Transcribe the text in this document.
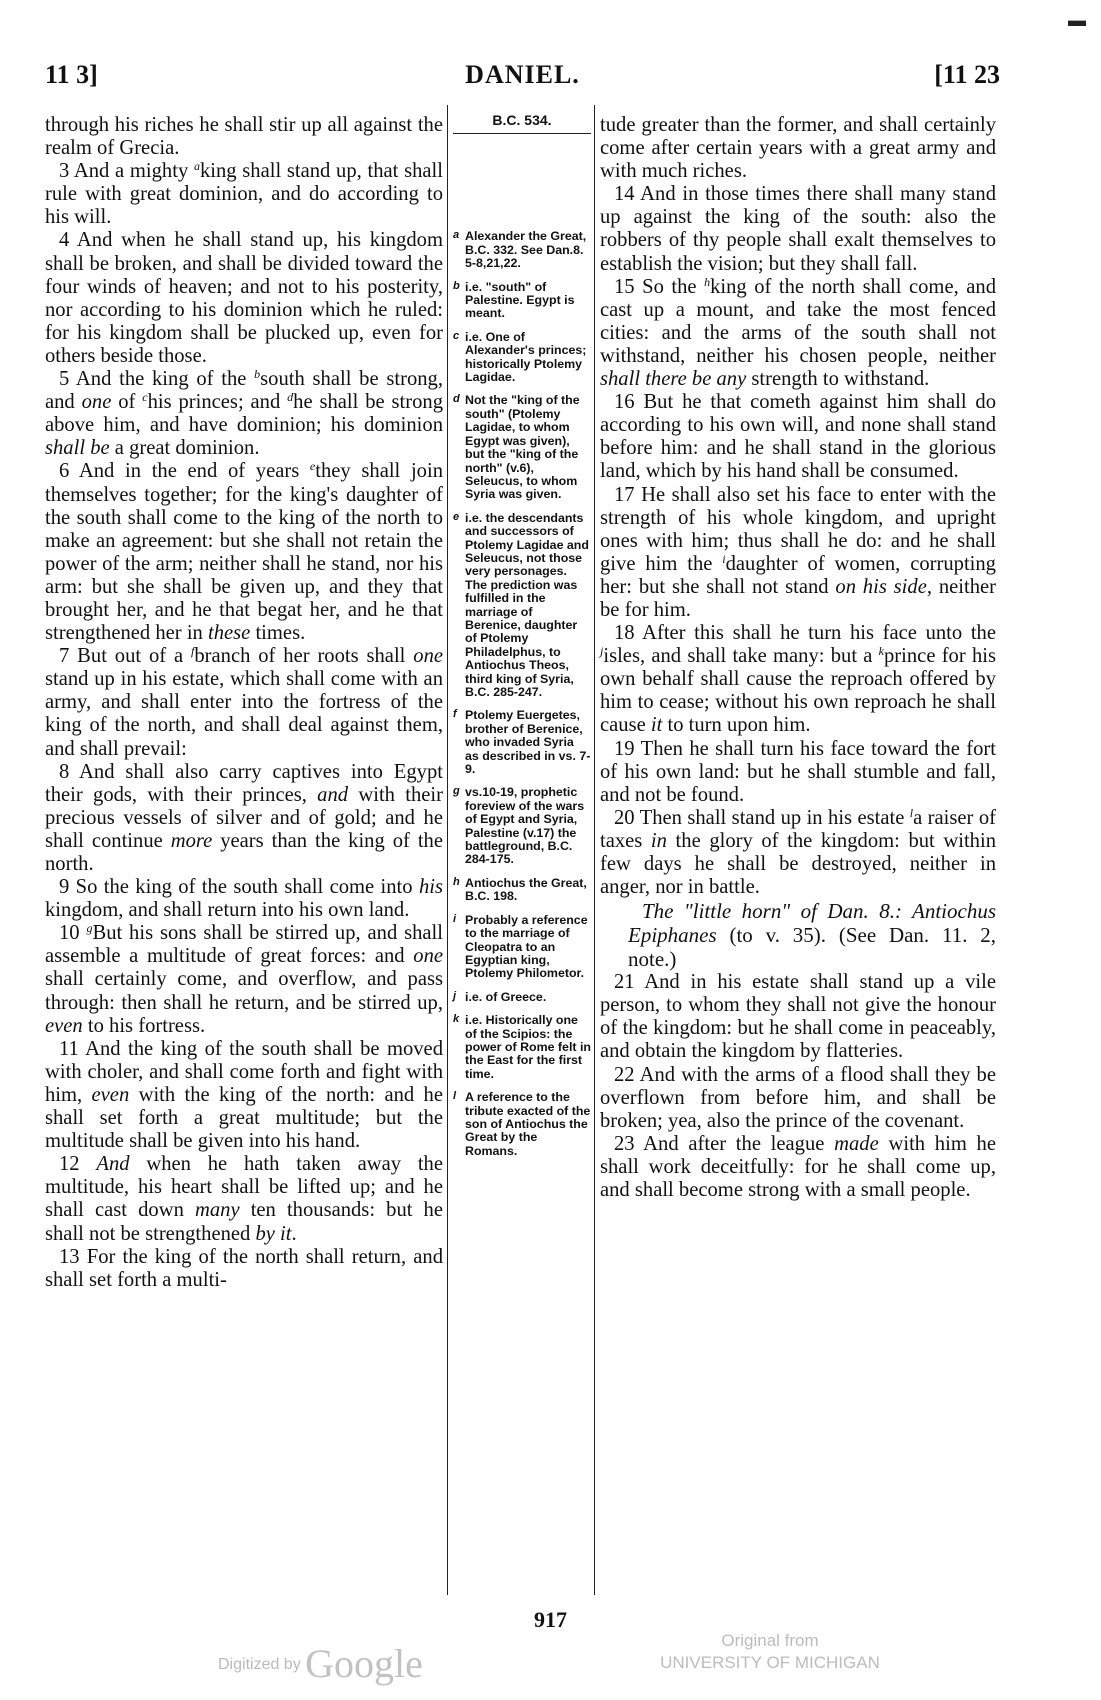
▬
11 3]	DANIEL.	[11 23

through his riches he shall stir up all against the realm of Grecia.

3 And a mighty $^a$king shall stand up, that shall rule with great dominion, and do according to his will.

4 And when he shall stand up, his kingdom shall be broken, and shall be divided toward the four winds of heaven; and not to his posterity, nor according to his dominion which he ruled: for his kingdom shall be plucked up, even for others beside those.

5 And the king of the $^b$south shall be strong, and one of $^c$his princes; and $^d$he shall be strong above him, and have dominion; his dominion shall be a great dominion.

6 And in the end of years $^e$they shall join themselves together; for the king's daughter of the south shall come to the king of the north to make an agreement: but she shall not retain the power of the arm; neither shall he stand, nor his arm: but she shall be given up, and they that brought her, and he that begat her, and he that strengthened her in these times.

7 But out of a $^f$branch of her roots shall one stand up in his estate, which shall come with an army, and shall enter into the fortress of the king of the north, and shall deal against them, and shall prevail:

8 And shall also carry captives into Egypt their gods, with their princes, and with their precious vessels of silver and of gold; and he shall continue more years than the king of the north.

9 So the king of the south shall come into his kingdom, and shall return into his own land.

10 $^g$But his sons shall be stirred up, and shall assemble a multitude of great forces: and one shall certainly come, and overflow, and pass through: then shall he return, and be stirred up, even to his fortress.

11 And the king of the south shall be moved with choler, and shall come forth and fight with him, even with the king of the north: and he shall set forth a great multitude; but the multitude shall be given into his hand.

12 And when he hath taken away the multitude, his heart shall be lifted up; and he shall cast down many ten thousands: but he shall not be strengthened by it.

13 For the king of the north shall return, and shall set forth a multi-

B.C. 534.
a Alexander the Great, B.C. 332. See Dan.8. 5-8,21,22.
b i.e. "south" of Palestine. Egypt is meant.
c i.e. One of Alexander's princes; historically Ptolemy Lagidae.
d Not the "king of the south" (Ptolemy Lagidae, to whom Egypt was given), but the "king of the north" (v.6), Seleucus, to whom Syria was given.
e i.e. the descendants and successors of Ptolemy Lagidae and Seleucus, not those very personages. The prediction was fulfilled in the marriage of Berenice, daughter of Ptolemy Philadelphus, to Antiochus Theos, third king of Syria, B.C. 285-247.
f Ptolemy Euergetes, brother of Berenice, who invaded Syria as described in vs. 7-9.
g vs.10-19, prophetic foreview of the wars of Egypt and Syria, Palestine (v.17) the battleground, B.C. 284-175.
h Antiochus the Great, B.C. 198.
i Probably a reference to the marriage of Cleopatra to an Egyptian king, Ptolemy Philometor.
j i.e. of Greece.
k i.e. Historically one of the Scipios: the power of Rome felt in the East for the first time.
l A reference to the tribute exacted of the son of Antiochus the Great by the Romans.

tude greater than the former, and shall certainly come after certain years with a great army and with much riches.

14 And in those times there shall many stand up against the king of the south: also the robbers of thy people shall exalt themselves to establish the vision; but they shall fall.

15 So the $^h$king of the north shall come, and cast up a mount, and take the most fenced cities: and the arms of the south shall not withstand, neither his chosen people, neither shall there be any strength to withstand.

16 But he that cometh against him shall do according to his own will, and none shall stand before him: and he shall stand in the glorious land, which by his hand shall be consumed.

17 He shall also set his face to enter with the strength of his whole kingdom, and upright ones with him; thus shall he do: and he shall give him the $^i$daughter of women, corrupting her: but she shall not stand on his side, neither be for him.

18 After this shall he turn his face unto the $^j$isles, and shall take many: but a $^k$prince for his own behalf shall cause the reproach offered by him to cease; without his own reproach he shall cause it to turn upon him.

19 Then he shall turn his face toward the fort of his own land: but he shall stumble and fall, and not be found.

20 Then shall stand up in his estate $^l$a raiser of taxes in the glory of the kingdom: but within few days he shall be destroyed, neither in anger, nor in battle.

The "little horn" of Dan. 8.: Antiochus Epiphanes (to v. 35). (See Dan. 11. 2, note.)

21 And in his estate shall stand up a vile person, to whom they shall not give the honour of the kingdom: but he shall come in peaceably, and obtain the kingdom by flatteries.

22 And with the arms of a flood shall they be overflown from before him, and shall be broken; yea, also the prince of the covenant.

23 And after the league made with him he shall work deceitfully: for he shall come up, and shall become strong with a small people.

917
Digitized by Google
Original from
UNIVERSITY OF MICHIGAN
